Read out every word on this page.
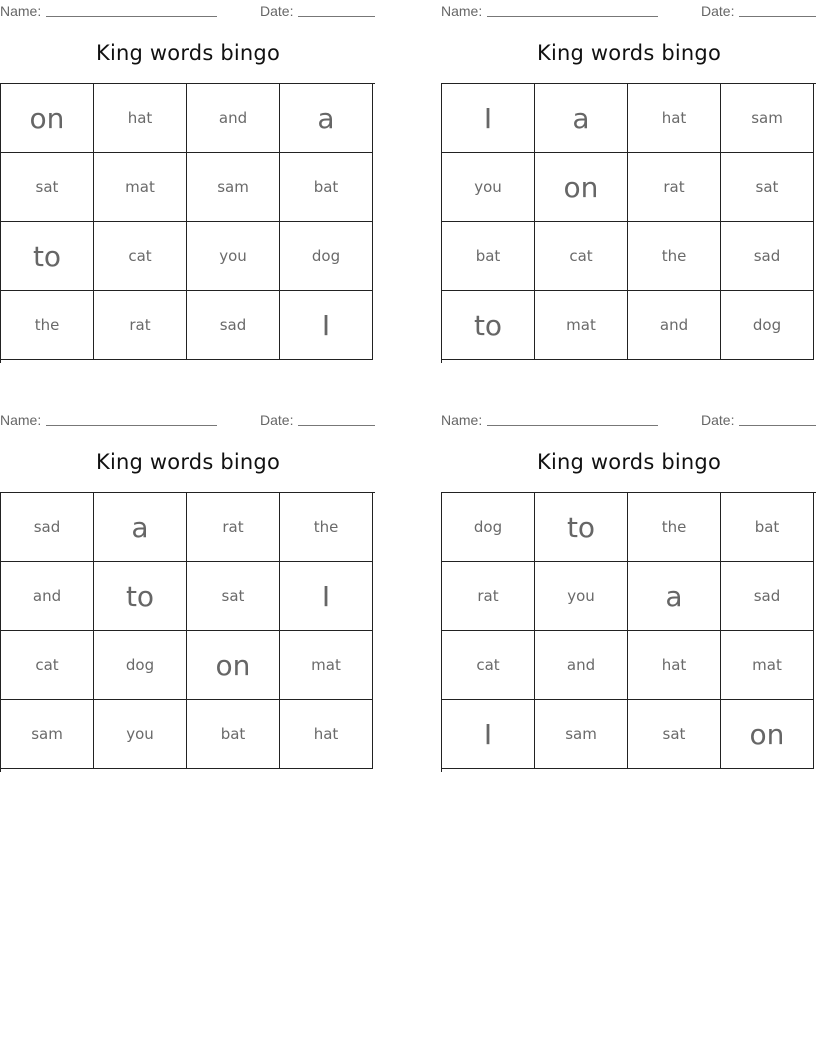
Name:	Date:
King words bingo
on	hat	and	a
sat	mat	sam	bat
to	cat	you	dog
the	rat	sad	I
Name:	Date:
King words bingo
I	a	hat	sam
you	on	rat	sat
bat	cat	the	sad
to	mat	and	dog
Name:	Date:
King words bingo
sad	a	rat	the
and	to	sat	I
cat	dog	on	mat
sam	you	bat	hat
Name:	Date:
King words bingo
dog	to	the	bat
rat	you	a	sad
cat	and	hat	mat
I	sam	sat	on
